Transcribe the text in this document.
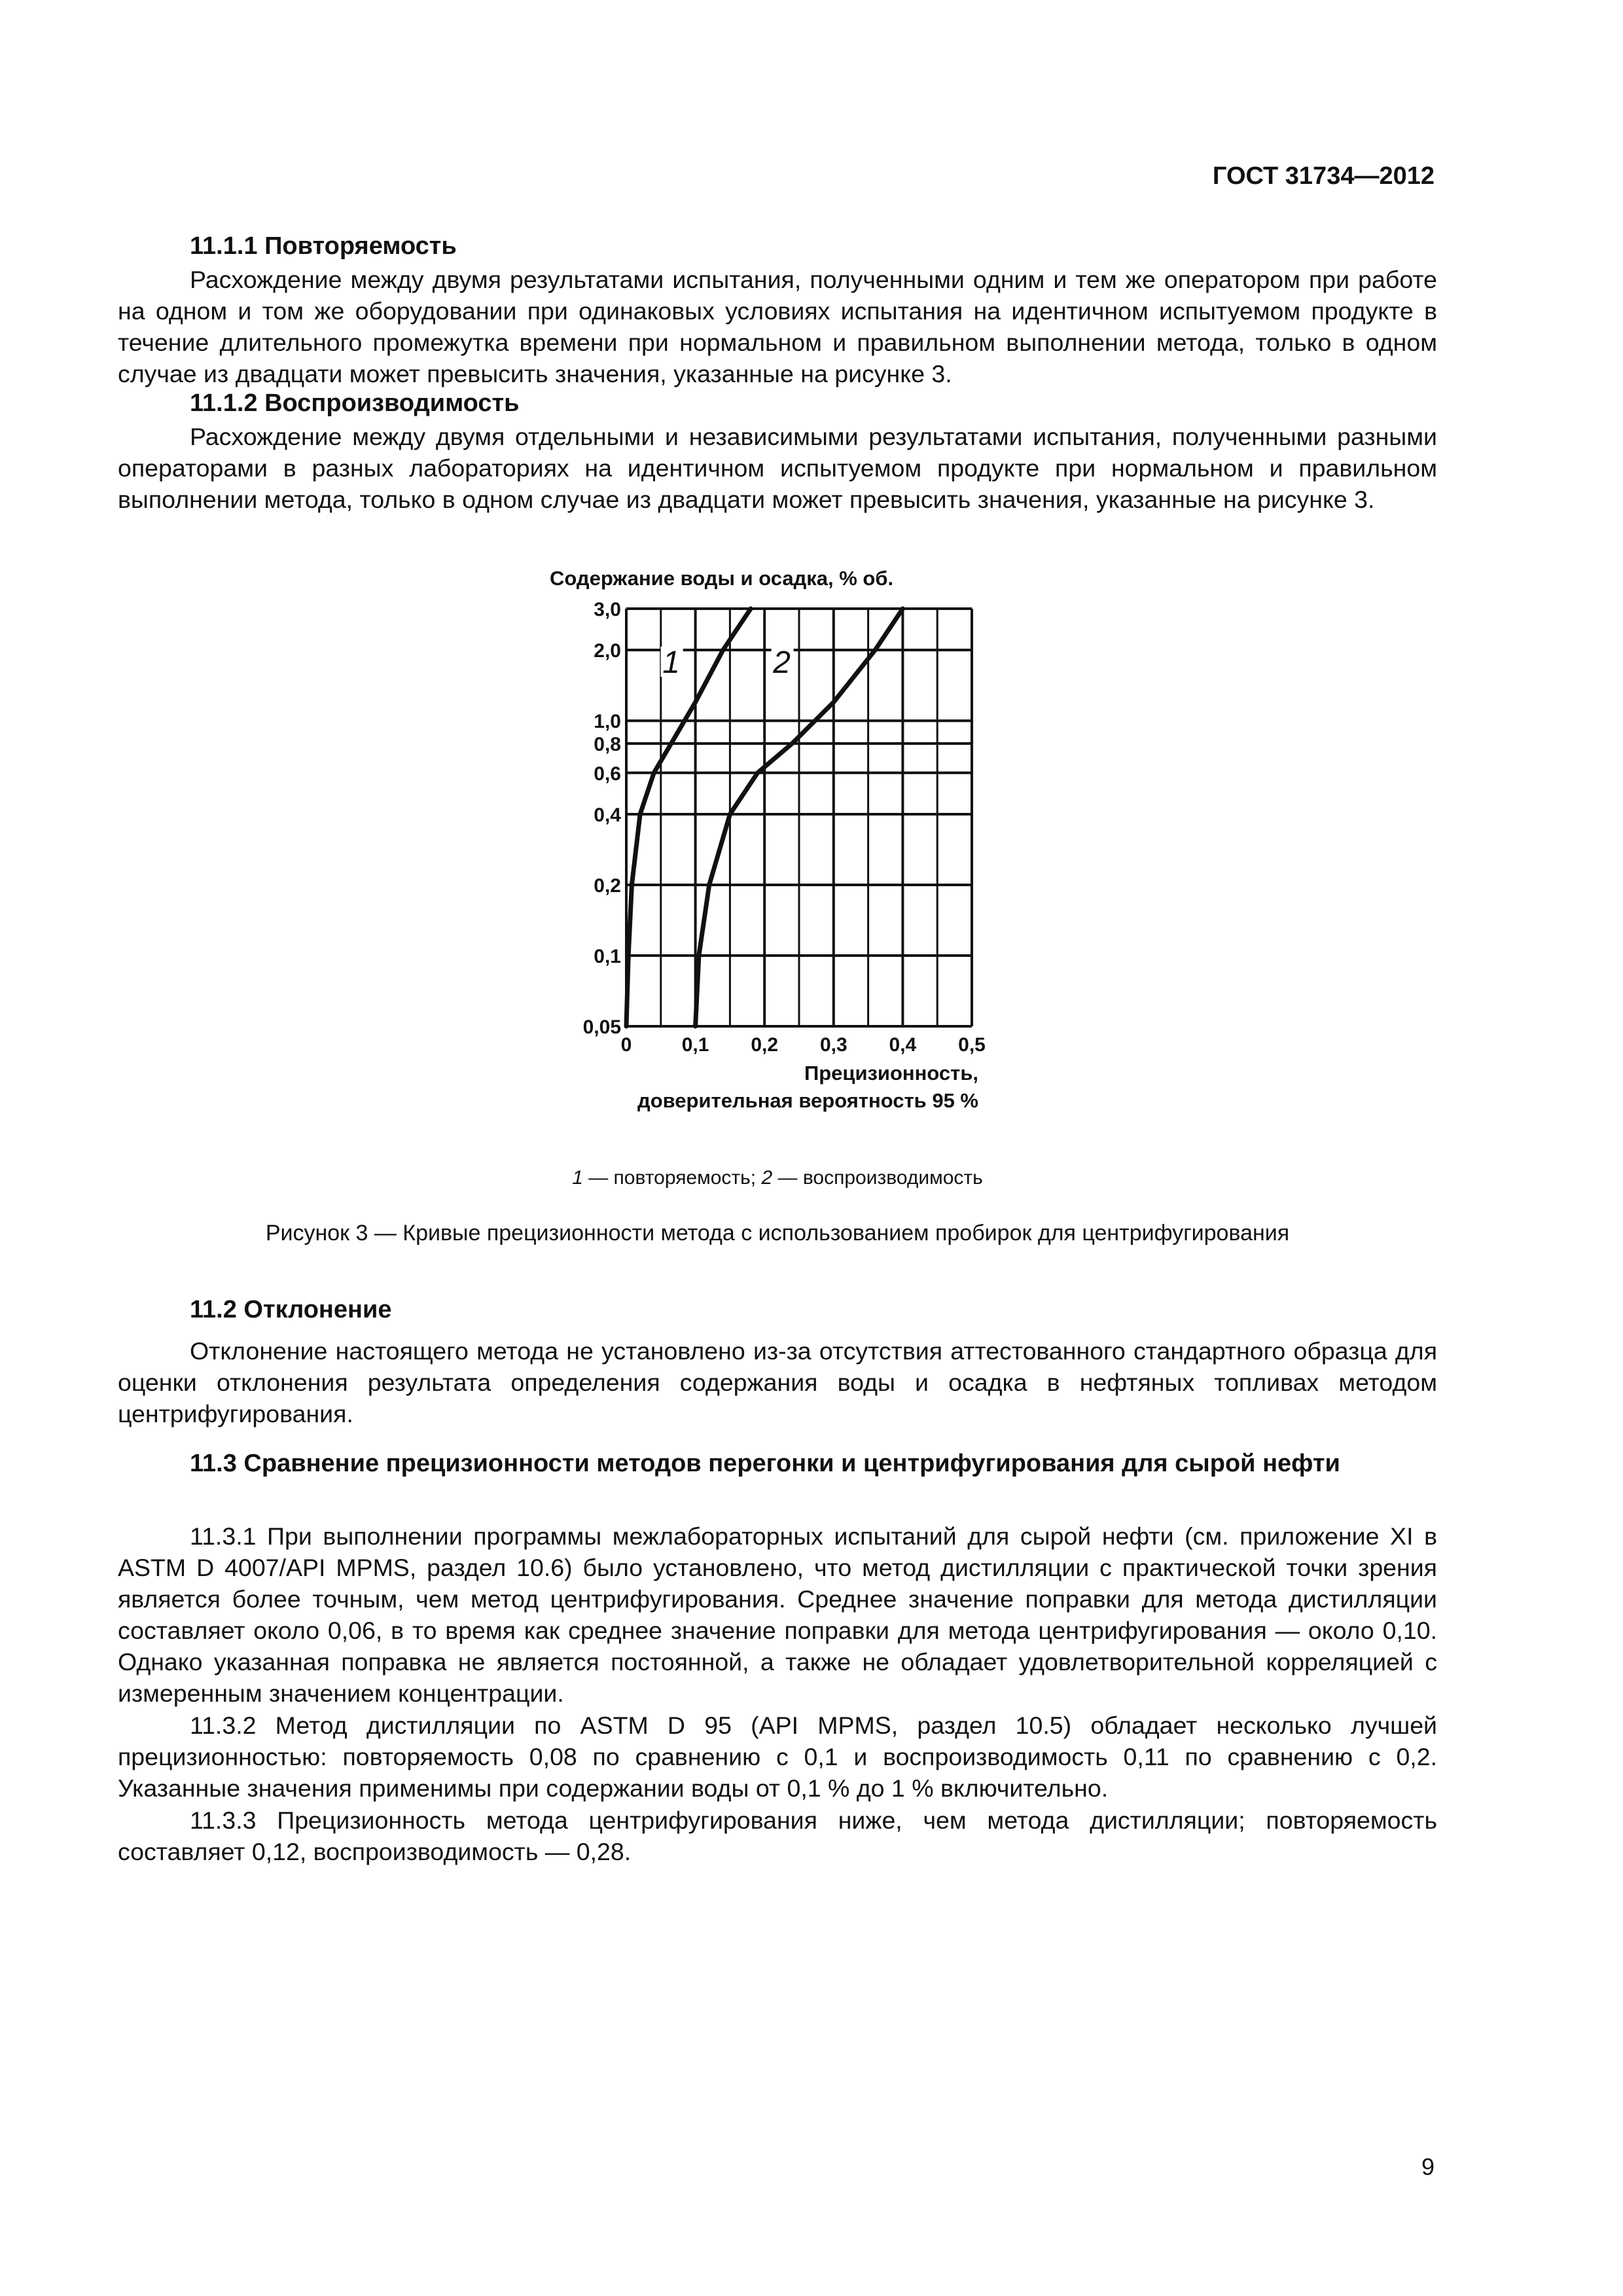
ГОСТ 31734—2012
11.1.1 Повторяемость
Расхождение между двумя результатами испытания, полученными одним и тем же оператором при работе на одном и том же оборудовании при одинаковых условиях испытания на идентичном испытуемом продукте в течение длительного промежутка времени при нормальном и правильном выполнении метода, только в одном случае из двадцати может превысить значения, указанные на рисунке 3.
11.1.2 Воспроизводимость
Расхождение между двумя отдельными и независимыми результатами испытания, полученными разными операторами в разных лабораториях на идентичном испытуемом продукте при нормальном и правильном выполнении метода, только в одном случае из двадцати может превысить значения, указанные на рисунке 3.
Содержание воды и осадка, % об.
0	0,1 0,2 0,3 0,4 0,5
0,05
0,1
0,2
0,4
0,6
0,8
1,0
2,0
3,0
1	2
Прецизионность,
доверительная вероятность 95 %
1 — повторяемость; 2 — воспроизводимость
Рисунок 3 — Кривые прецизионности метода с использованием пробирок для центрифугирования
11.2 Отклонение
Отклонение настоящего метода не установлено из-за отсутствия аттестованного стандартного образца для оценки отклонения результата определения содержания воды и осадка в нефтяных топливах методом центрифугирования.
11.3 Сравнение прецизионности методов перегонки и центрифугирования для сырой нефти
11.3.1 При выполнении программы межлабораторных испытаний для сырой нефти (см. приложение XI в ASTM D 4007/API MPMS, раздел 10.6) было установлено, что метод дистилляции с практической точки зрения является более точным, чем метод центрифугирования. Среднее значение поправки для метода дистилляции составляет около 0,06, в то время как среднее значение поправки для метода центрифугирования — около 0,10. Однако указанная поправка не является постоянной, а также не обладает удовлетворительной корреляцией с измеренным значением концентрации.
11.3.2 Метод дистилляции по ASTM D 95 (API MPMS, раздел 10.5) обладает несколько лучшей прецизионностью: повторяемость 0,08 по сравнению с 0,1 и воспроизводимость 0,11 по сравнению с 0,2. Указанные значения применимы при содержании воды от 0,1 % до 1 % включительно.
11.3.3 Прецизионность метода центрифугирования ниже, чем метода дистилляции; повторяемость составляет 0,12, воспроизводимость — 0,28.
9
